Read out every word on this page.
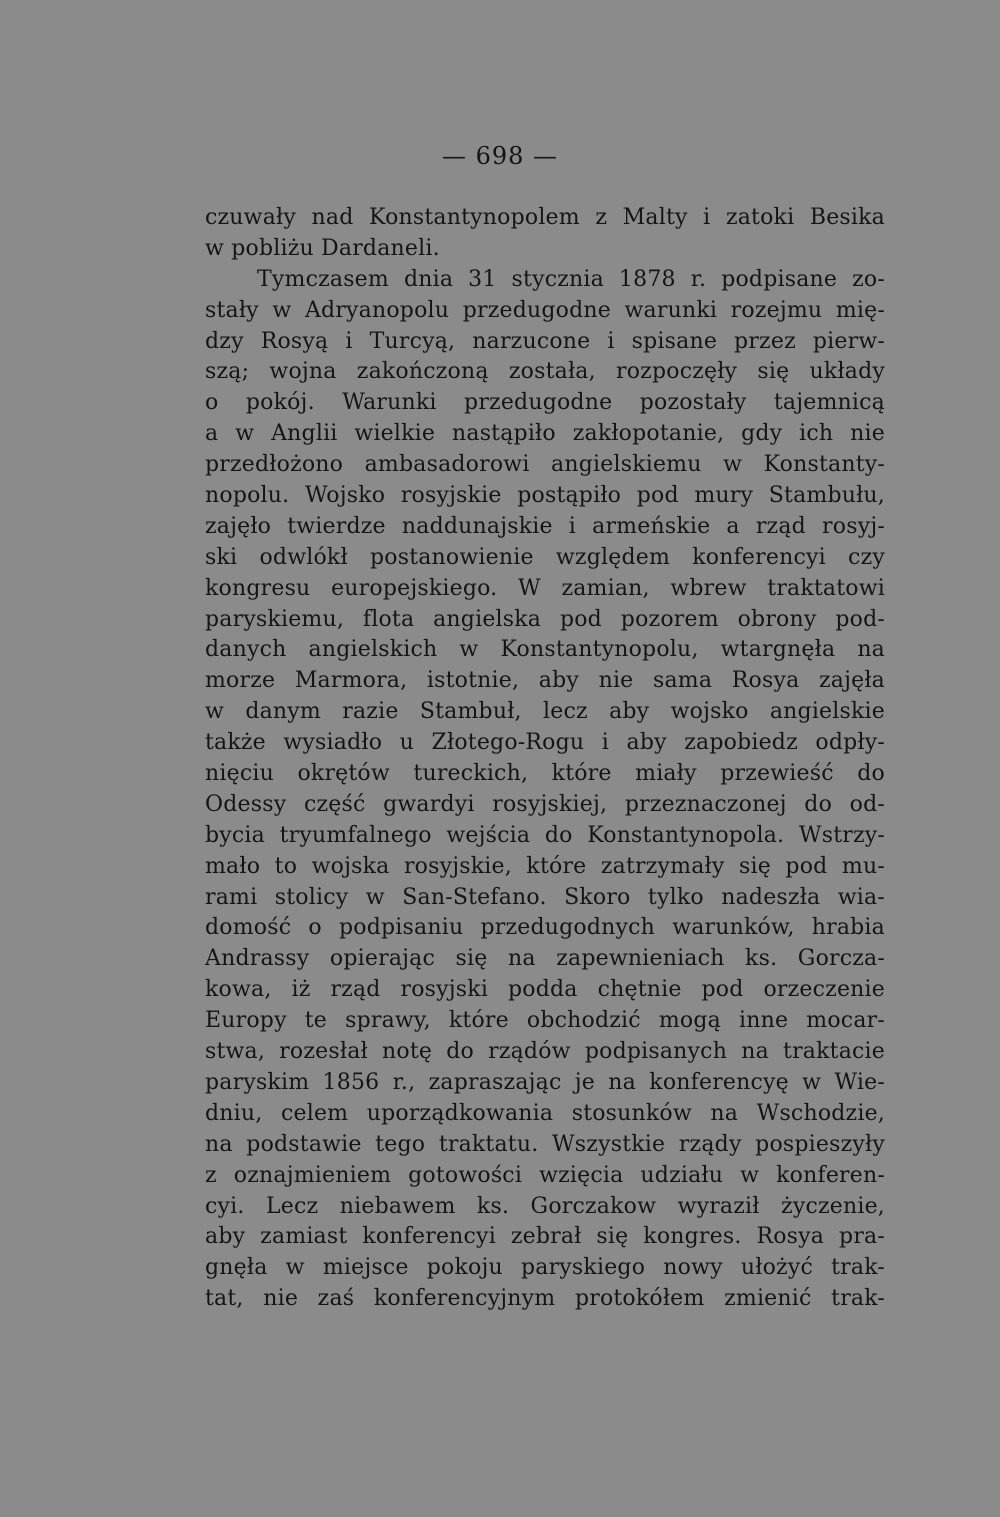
— 698 —
czuwały nad Konstantynopolem z Malty i zatoki Besika
w pobliżu Dardaneli.
Tymczasem dnia 31 stycznia 1878 r. podpisane zo-
stały w Adryanopolu przedugodne warunki rozejmu mię-
dzy Rosyą i Turcyą, narzucone i spisane przez pierw-
szą; wojna zakończoną została, rozpoczęły się układy
o pokój. Warunki przedugodne pozostały tajemnicą
a w Anglii wielkie nastąpiło zakłopotanie, gdy ich nie
przedłożono ambasadorowi angielskiemu w Konstanty-
nopolu. Wojsko rosyjskie postąpiło pod mury Stambułu,
zajęło twierdze naddunajskie i armeńskie a rząd rosyj-
ski odwlókł postanowienie względem konferencyi czy
kongresu europejskiego. W zamian, wbrew traktatowi
paryskiemu, flota angielska pod pozorem obrony pod-
danych angielskich w Konstantynopolu, wtargnęła na
morze Marmora, istotnie, aby nie sama Rosya zajęła
w danym razie Stambuł, lecz aby wojsko angielskie
także wysiadło u Złotego-Rogu i aby zapobiedz odpły-
nięciu okrętów tureckich, które miały przewieść do
Odessy część gwardyi rosyjskiej, przeznaczonej do od-
bycia tryumfalnego wejścia do Konstantynopola. Wstrzy-
mało to wojska rosyjskie, które zatrzymały się pod mu-
rami stolicy w San-Stefano. Skoro tylko nadeszła wia-
domość o podpisaniu przedugodnych warunków, hrabia
Andrassy opierając się na zapewnieniach ks. Gorcza-
kowa, iż rząd rosyjski podda chętnie pod orzeczenie
Europy te sprawy, które obchodzić mogą inne mocar-
stwa, rozesłał notę do rządów podpisanych na traktacie
paryskim 1856 r., zapraszając je na konferencyę w Wie-
dniu, celem uporządkowania stosunków na Wschodzie,
na podstawie tego traktatu. Wszystkie rządy pospieszyły
z oznajmieniem gotowości wzięcia udziału w konferen-
cyi. Lecz niebawem ks. Gorczakow wyraził życzenie,
aby zamiast konferencyi zebrał się kongres. Rosya pra-
gnęła w miejsce pokoju paryskiego nowy ułożyć trak-
tat, nie zaś konferencyjnym protokółem zmienić trak-
